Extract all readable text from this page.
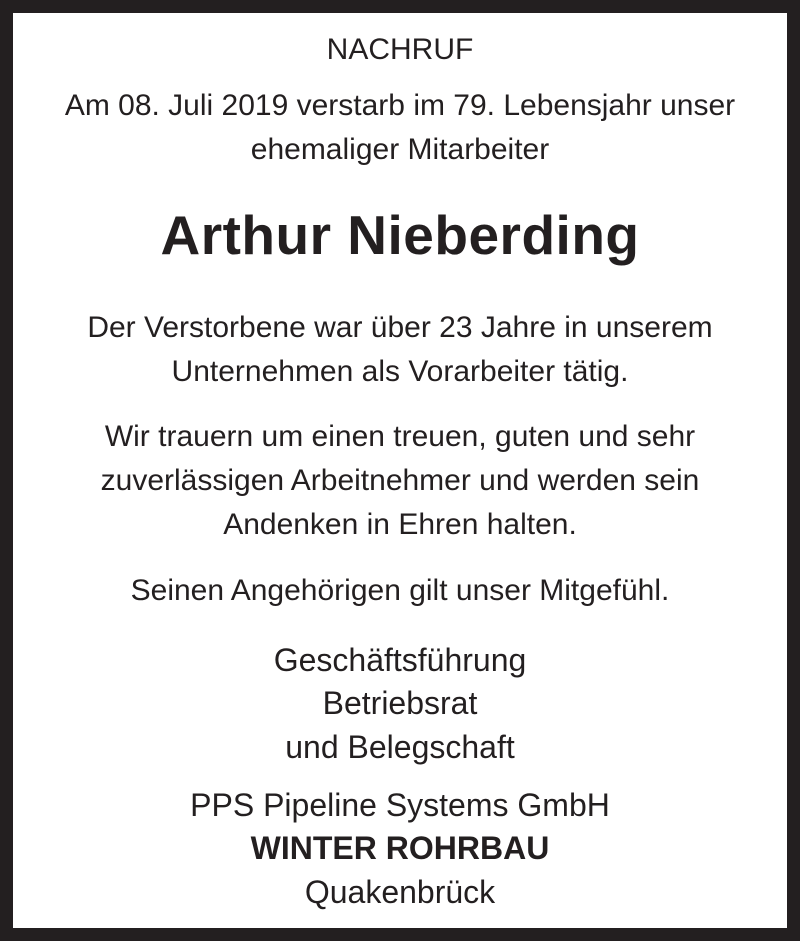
NACHRUF
Am 08. Juli 2019 verstarb im 79. Lebensjahr unser
ehemaliger Mitarbeiter
Arthur Nieberding
Der Verstorbene war über 23 Jahre in unserem
Unternehmen als Vorarbeiter tätig.
Wir trauern um einen treuen, guten und sehr
zuverlässigen Arbeitnehmer und werden sein
Andenken in Ehren halten.
Seinen Angehörigen gilt unser Mitgefühl.
Geschäftsführung
Betriebsrat
und Belegschaft
PPS Pipeline Systems GmbH
WINTER ROHRBAU
Quakenbrück
